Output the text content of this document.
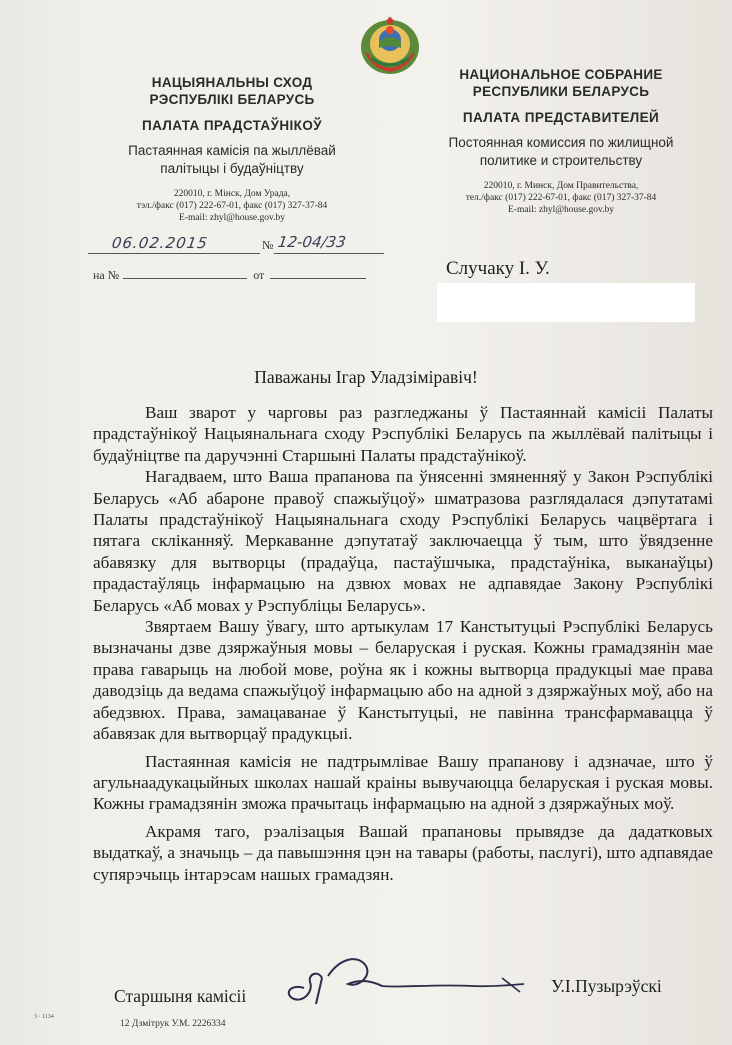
НАЦЫЯНАЛЬНЫ СХОД
РЭСПУБЛІКІ БЕЛАРУСЬ
ПАЛАТА ПРАДСТАЎНІКОЎ
Пастаянная камісія па жыллёвай
палітыцы і будаўніцтву
220010, г. Мінск, Дом Урада,
тэл./факс (017) 222-67-01, факс (017) 327-37-84
E-mail: zhyl@house.gov.by
НАЦИОНАЛЬНОЕ СОБРАНИЕ
РЕСПУБЛИКИ БЕЛАРУСЬ
ПАЛАТА ПРЕДСТАВИТЕЛЕЙ
Постоянная комиссия по жилищной
политике и строительству
220010, г. Минск, Дом Правительства,
тел./факс (017) 222-67-01, факс (017) 327-37-84
E-mail: zhyl@house.gov.by
06.02.2015	№ 12-04/33
на №	от	Случаку І. У.
Паважаны Ігар Уладзіміравіч!

Ваш зварот у чарговы раз разгледжаны ў Пастаяннай камісіі Палаты прадстаўнікоў Нацыянальнага сходу Рэспублікі Беларусь па жыллёвай палітыцы і будаўніцтве па даручэнні Старшыні Палаты прадстаўнікоў.

Нагадваем, што Ваша прапанова па ўнясенні змяненняў у Закон Рэспублікі Беларусь «Аб абароне правоў спажыўцоў» шматразова разглядалася дэпутатамі Палаты прадстаўнікоў Нацыянальнага сходу Рэспублікі Беларусь чацвёртага і пятага скліканняў. Меркаванне дэпутатаў заключаецца ў тым, што ўвядзенне абавязку для вытворцы (прадаўца, пастаўшчыка, прадстаўніка, выканаўцы) прадастаўляць інфармацыю на дзвюх мовах не адпавядае Закону Рэспублікі Беларусь «Аб мовах у Рэспубліцы Беларусь».

Звяртаем Вашу ўвагу, што артыкулам 17 Канстытуцыі Рэспублікі Беларусь вызначаны дзве дзяржаўныя мовы – беларуская і руская. Кожны грамадзянін мае права гаварыць на любой мове, роўна як і кожны вытворца прадукцыі мае права даводзіць да ведама спажыўцоў інфармацыю або на адной з дзяржаўных моў, або на абедзвюх. Права, замацаванае ў Канстытуцыі, не павінна трансфармавацца ў абавязак для вытворцаў прадукцыі.

Пастаянная камісія не падтрымлівае Вашу прапанову і адзначае, што ў агульнаадукацыйных школах нашай краіны вывучаюцца беларуская і руская мовы. Кожны грамадзянін зможа прачытаць інфармацыю на адной з дзяржаўных моў.

Акрамя таго, рэалізацыя Вашай прапановы прывядзе да дадатковых выдаткаў, а значыць – да павышэння цэн на тавары (работы, паслугі), што адпавядае супярэчыць інтарэсам нашых грамадзян.

Старшыня камісіі	У.І.Пузырэўскі
12 Дзмітрук У.М. 2226334
3 · 1134
